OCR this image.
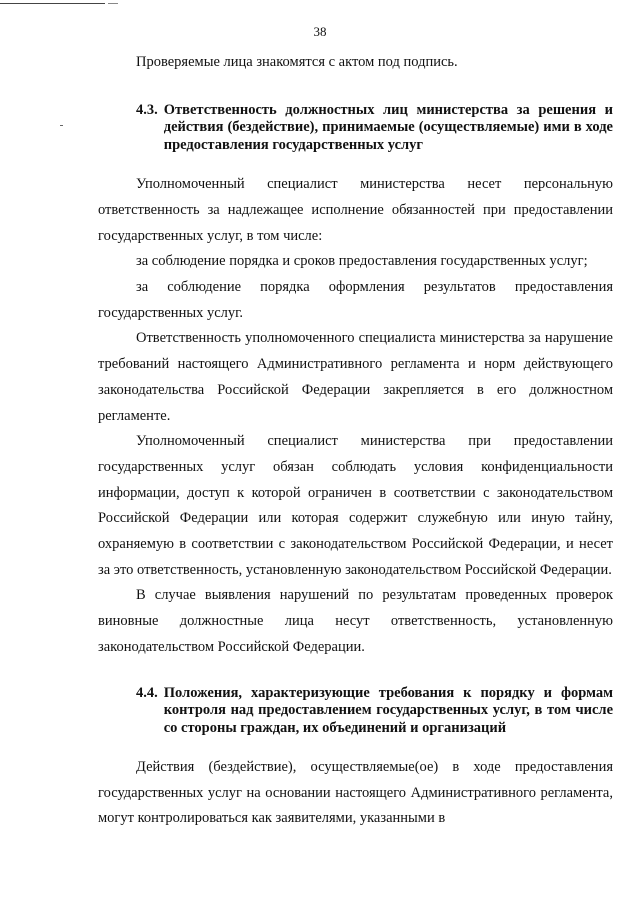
38

Проверяемые лица знакомятся с актом под подпись.

4.3. Ответственность должностных лиц министерства за решения и действия (бездействие), принимаемые (осуществляемые) ими в ходе предоставления государственных услуг

Уполномоченный специалист министерства несет персональную ответственность за надлежащее исполнение обязанностей при предоставлении государственных услуг, в том числе:

за соблюдение порядка и сроков предоставления государственных услуг;

за соблюдение порядка оформления результатов предоставления государственных услуг.

Ответственность уполномоченного специалиста министерства за нарушение требований настоящего Административного регламента и норм действующего законодательства Российской Федерации закрепляется в его должностном регламенте.

Уполномоченный специалист министерства при предоставлении государственных услуг обязан соблюдать условия конфиденциальности информации, доступ к которой ограничен в соответствии с законодательством Российской Федерации или которая содержит служебную или иную тайну, охраняемую в соответствии с законодательством Российской Федерации, и несет за это ответственность, установленную законодательством Российской Федерации.

В случае выявления нарушений по результатам проведенных проверок виновные должностные лица несут ответственность, установленную законодательством Российской Федерации.

4.4. Положения, характеризующие требования к порядку и формам контроля над предоставлением государственных услуг, в том числе со стороны граждан, их объединений и организаций

Действия (бездействие), осуществляемые(ое) в ходе предоставления государственных услуг на основании настоящего Административного регламента, могут контролироваться как заявителями, указанными в
